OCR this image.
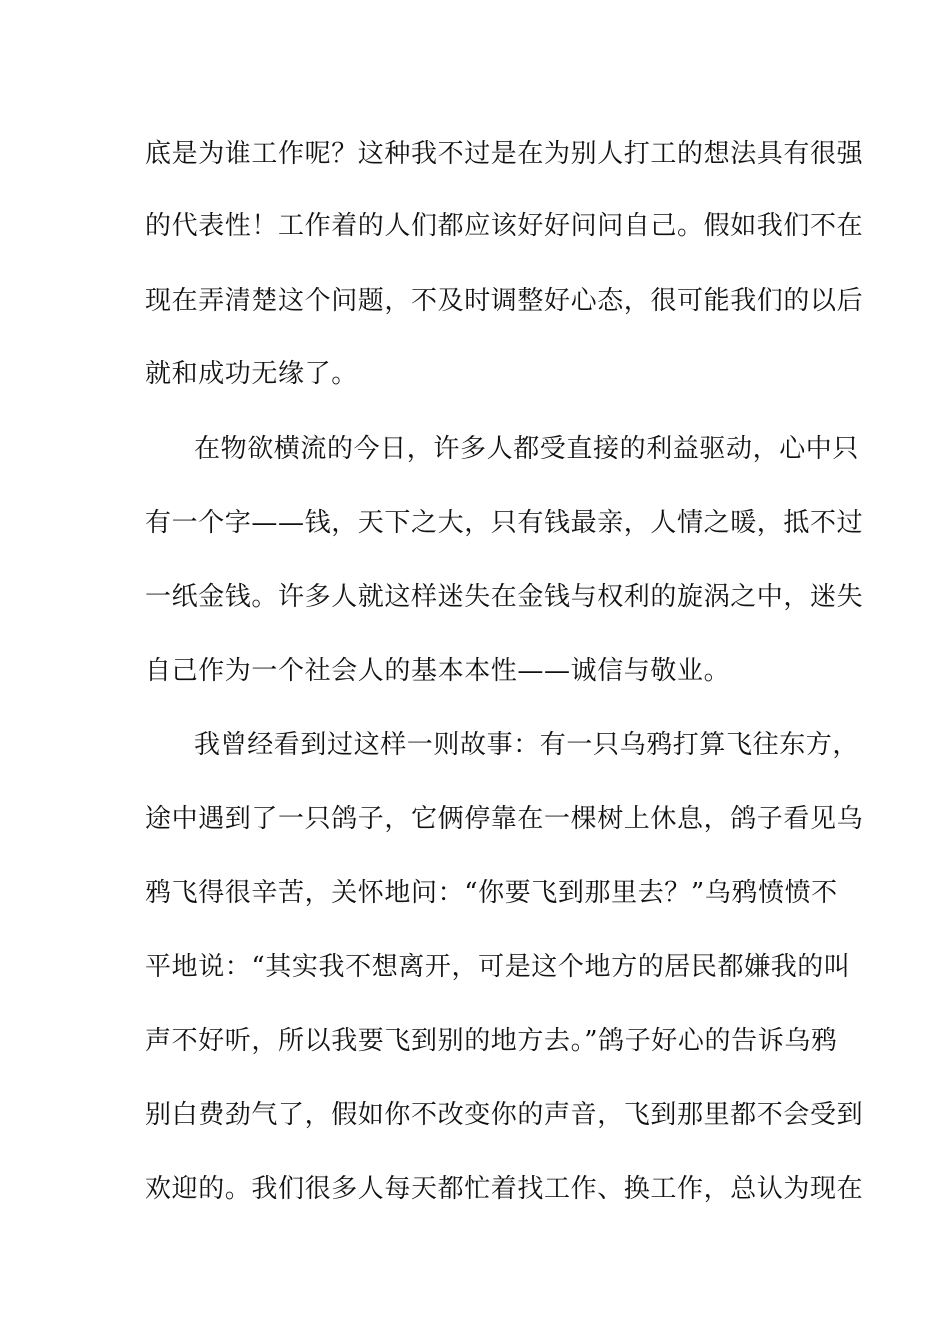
底是为谁工作呢？这种我不过是在为别人打工的想法具有很强
的代表性！工作着的人们都应该好好问问自己。假如我们不在
现在弄清楚这个问题，不及时调整好心态，很可能我们的以后
就和成功无缘了。
在物欲横流的今日，许多人都受直接的利益驱动，心中只
有一个字——钱，天下之大，只有钱最亲，人情之暖，抵不过
一纸金钱。许多人就这样迷失在金钱与权利的旋涡之中，迷失
自己作为一个社会人的基本本性——诚信与敬业。
我曾经看到过这样一则故事：有一只乌鸦打算飞往东方，
途中遇到了一只鸽子，它俩停靠在一棵树上休息，鸽子看见乌
鸦飞得很辛苦，关怀地问：“你要飞到那里去？”乌鸦愤愤不
平地说：“其实我不想离开，可是这个地方的居民都嫌我的叫
声不好听，所以我要飞到别的地方去。”鸽子好心的告诉乌鸦
别白费劲气了，假如你不改变你的声音，飞到那里都不会受到
欢迎的。我们很多人每天都忙着找工作、换工作，总认为现在
